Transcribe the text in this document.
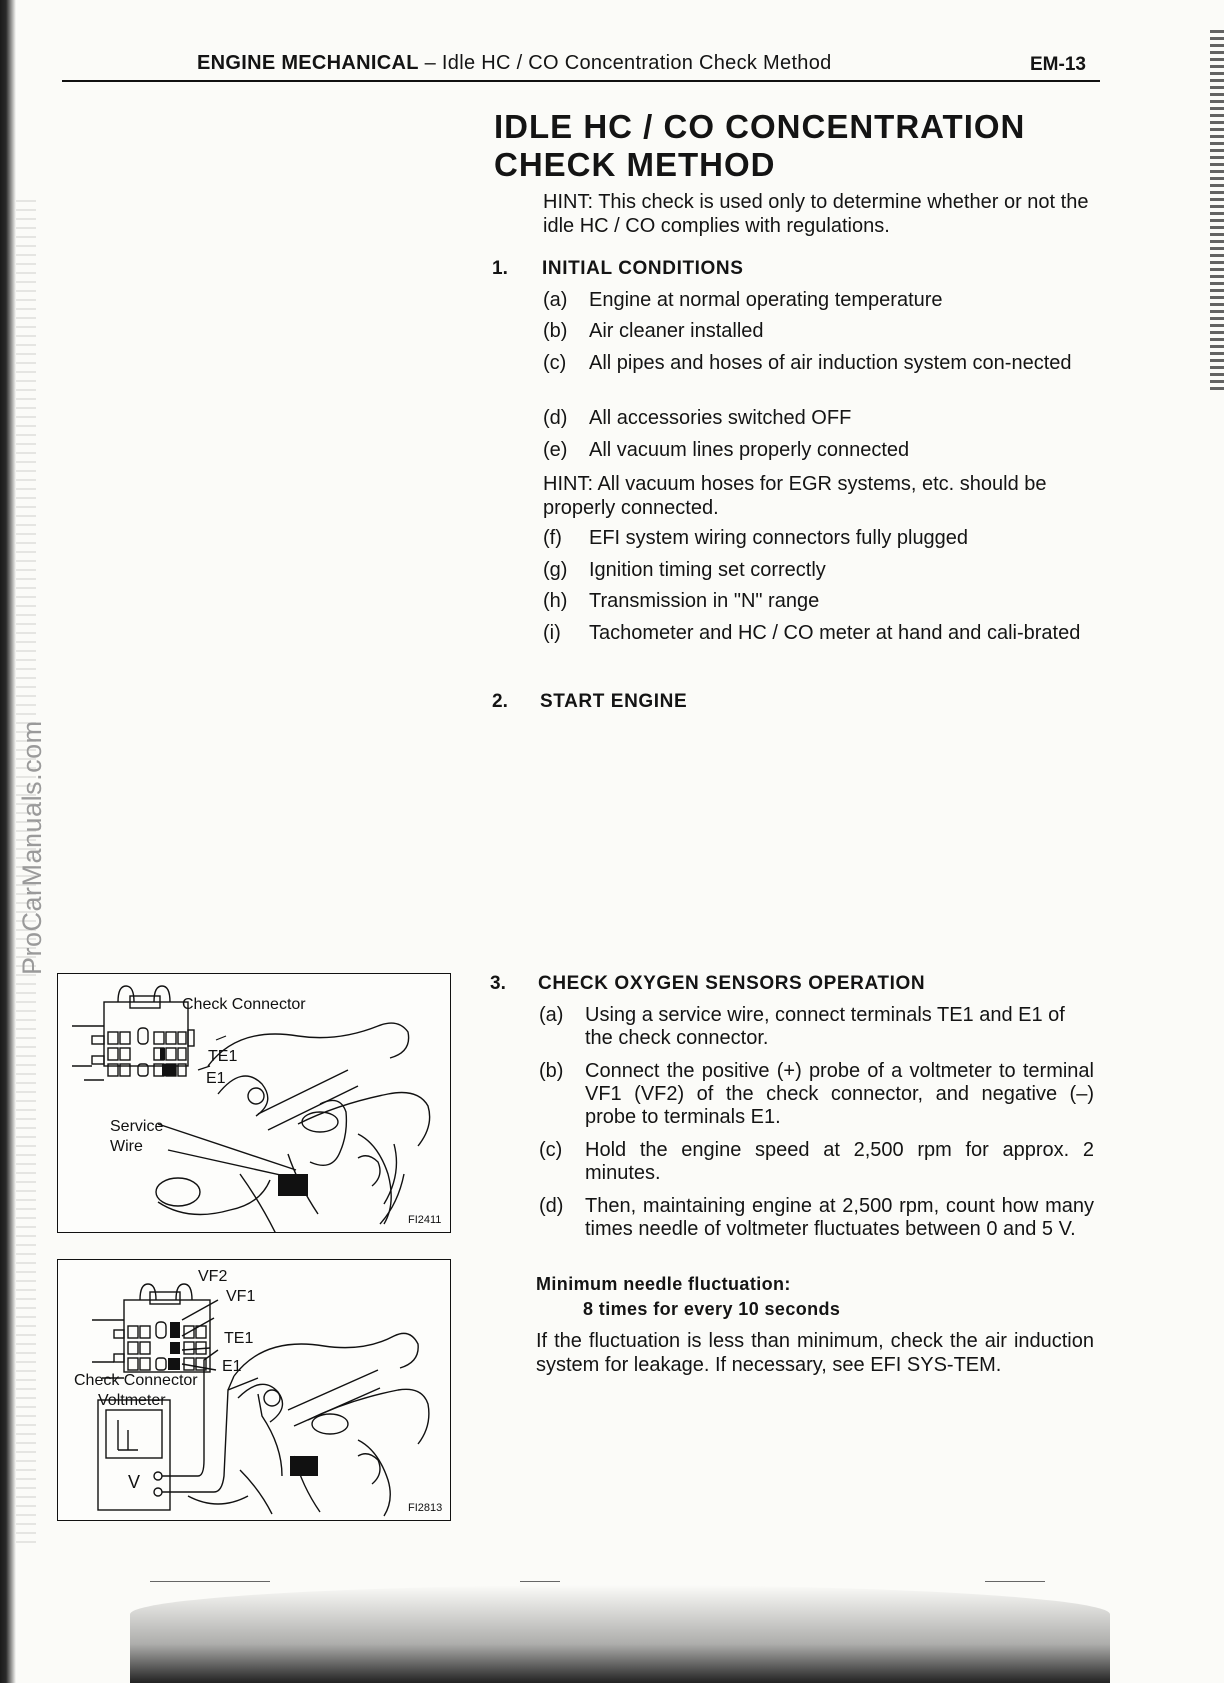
ProCarManuals.com
ENGINE MECHANICAL – Idle HC / CO Concentration Check Method	EM-13
IDLE HC / CO CONCENTRATION
CHECK METHOD
HINT: This check is used only to determine whether or not the idle HC / CO complies with regulations.
1. INITIAL CONDITIONS
(a)	Engine at normal operating temperature
(b)	Air cleaner installed
(c)	All pipes and hoses of air induction system con-nected
(d)	All accessories switched OFF
(e)	All vacuum lines properly connected
HINT: All vacuum hoses for EGR systems, etc. should be properly connected.
(f)	EFI system wiring connectors fully plugged
(g)	Ignition timing set correctly
(h)	Transmission in "N" range
(i)	Tachometer and HC / CO meter at hand and cali-brated
2. START ENGINE
3. CHECK OXYGEN SENSORS OPERATION
(a)	Using a service wire, connect terminals TE1 and E1 of the check connector.
(b)	Connect the positive (+) probe of a voltmeter to terminal VF1 (VF2) of the check connector, and negative (–) probe to terminals E1.
(c)	Hold the engine speed at 2,500 rpm for approx. 2 minutes.
(d)	Then, maintaining engine at 2,500 rpm, count how many times needle of voltmeter fluctuates between 0 and 5 V.
Minimum needle fluctuation:
8 times for every 10 seconds
If the fluctuation is less than minimum, check the air induction system for leakage. If necessary, see EFI SYS-TEM.
Check Connector
TE1
E1
Service
Wire
FI2411
VF2
VF1
TE1
E1
Check Connector
Voltmeter
V
FI2813
